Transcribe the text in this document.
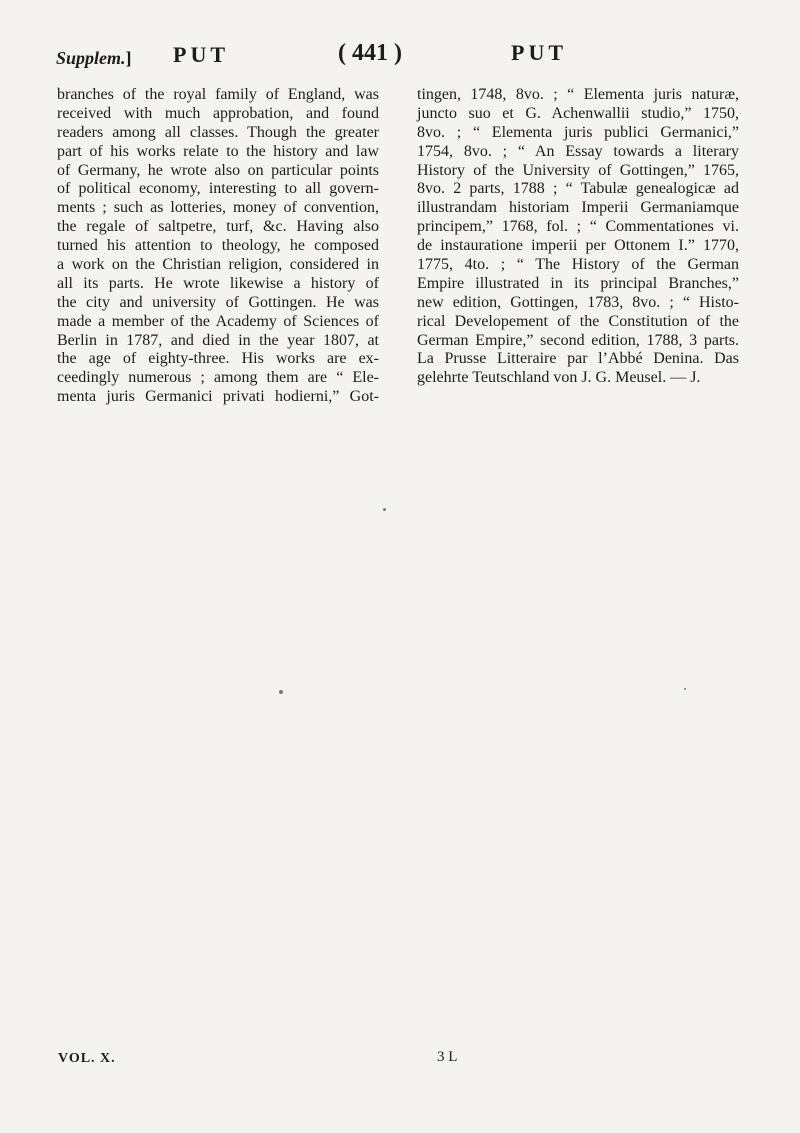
Supplem.] PUT	( 441 )	PUT
branches of the royal family of England, was
received with much approbation, and found
readers among all classes. Though the greater
part of his works relate to the history and law
of Germany, he wrote also on particular points
of political economy, interesting to all govern-
ments ; such as lotteries, money of convention,
the regale of saltpetre, turf, &c. Having also
turned his attention to theology, he composed
a work on the Christian religion, considered in
all its parts. He wrote likewise a history of
the city and university of Gottingen. He was
made a member of the Academy of Sciences of
Berlin in 1787, and died in the year 1807, at
the age of eighty-three. His works are ex-
ceedingly numerous ; among them are “ Ele-
menta juris Germanici privati hodierni,” Got-
tingen, 1748, 8vo. ; “ Elementa juris naturæ,
juncto suo et G. Achenwallii studio,” 1750,
8vo. ; “ Elementa juris publici Germanici,”
1754, 8vo. ; “ An Essay towards a literary
History of the University of Gottingen,” 1765,
8vo. 2 parts, 1788 ; “ Tabulæ genealogicæ ad
illustrandam historiam Imperii Germaniamque
principem,” 1768, fol. ; “ Commentationes vi.
de instauratione imperii per Ottonem I.” 1770,
1775, 4to. ; “ The History of the German
Empire illustrated in its principal Branches,”
new edition, Gottingen, 1783, 8vo. ; “ Histo-
rical Developement of the Constitution of the
German Empire,” second edition, 1788, 3 parts.
La Prusse Litteraire par l’Abbé Denina. Das
gelehrte Teutschland von J. G. Meusel. — J.
VOL. X.	3 L
